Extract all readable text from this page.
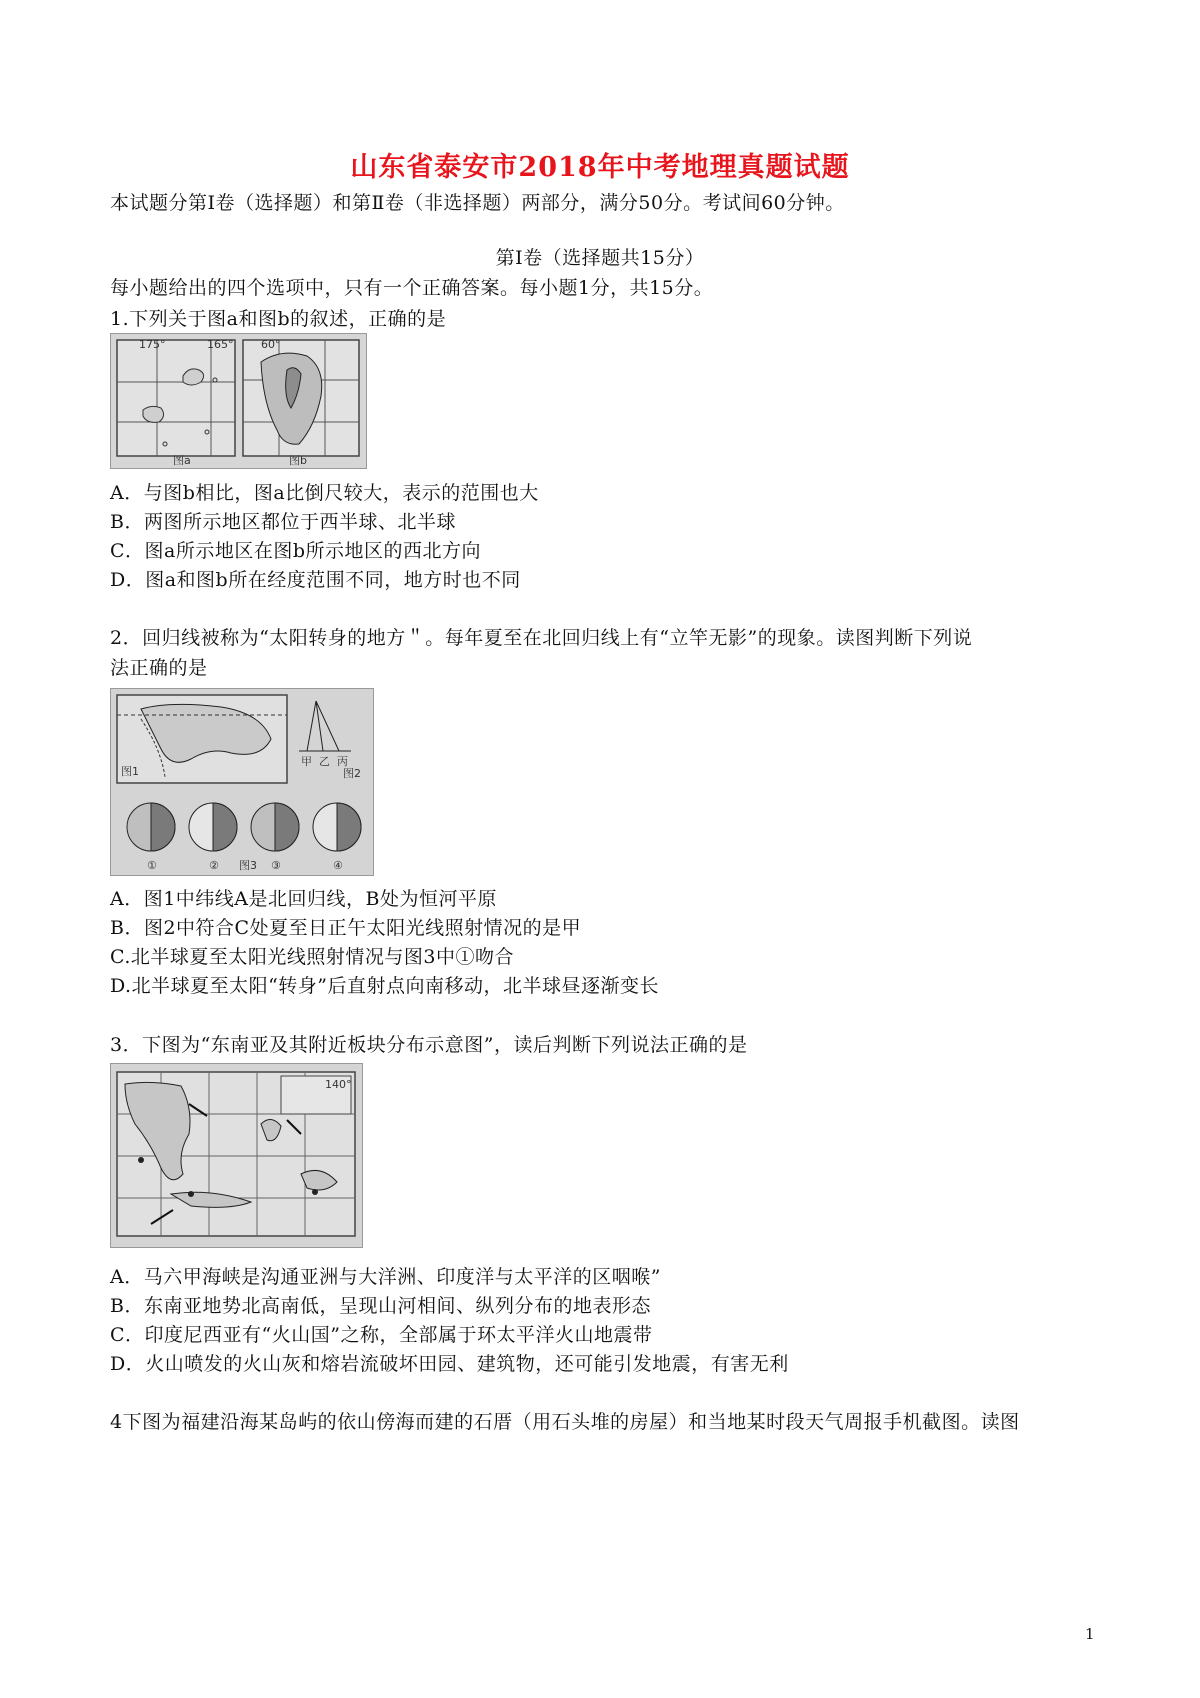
山东省泰安市2018年中考地理真题试题
本试题分第Ⅰ卷（选择题）和第Ⅱ卷（非选择题）两部分，满分50分。考试间60分钟。
第Ⅰ卷（选择题共15分）
每小题给出的四个选项中，只有一个正确答案。每小题1分，共15分。
1.下列关于图a和图b的叙述，正确的是
175°	165°
图a
60°
图b
A．与图b相比，图a比倒尺较大，表示的范围也大
B．两图所示地区都位于西半球、北半球
C．图a所示地区在图b所示地区的西北方向
D．图a和图b所在经度范围不同，地方时也不同
2．回归线被称为“太阳转身的地方＂。每年夏至在北回归线上有“立竿无影”的现象。读图判断下列说
法正确的是
图1
甲 乙 丙
图2
①	② 图3 ③	④
A．图1中纬线A是北回归线，B处为恒河平原
B．图2中符合C处夏至日正午太阳光线照射情况的是甲
C.北半球夏至太阳光线照射情况与图3中①吻合
D.北半球夏至太阳“转身”后直射点向南移动，北半球昼逐渐变长
3．下图为“东南亚及其附近板块分布示意图”，读后判断下列说法正确的是
140°
A．马六甲海峡是沟通亚洲与大洋洲、印度洋与太平洋的区咽喉”
B．东南亚地势北高南低，呈现山河相间、纵列分布的地表形态
C．印度尼西亚有“火山国”之称，全部属于环太平洋火山地震带
D．火山喷发的火山灰和熔岩流破坏田园、建筑物，还可能引发地震，有害无利
4下图为福建沿海某岛屿的依山傍海而建的石厝（用石头堆的房屋）和当地某时段天气周报手机截图。读图
1
